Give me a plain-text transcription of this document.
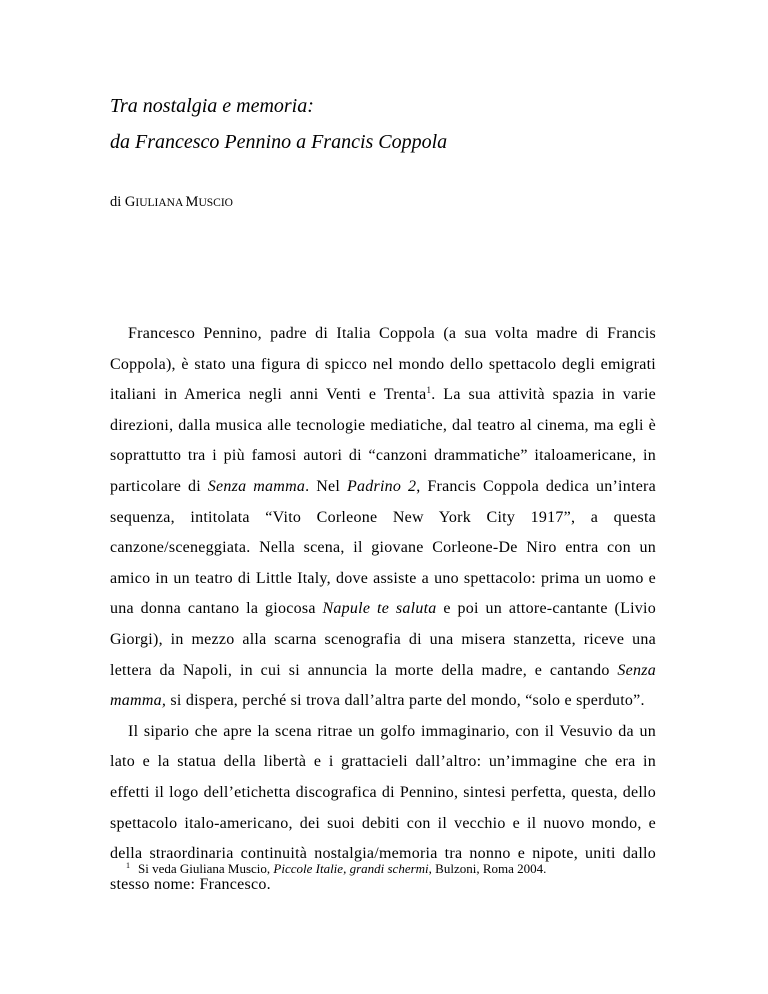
Tra nostalgia e memoria:
da Francesco Pennino a Francis Coppola

di GIULIANA MUSCIO

Francesco Pennino, padre di Italia Coppola (a sua volta madre di Francis Coppola), è stato una figura di spicco nel mondo dello spettacolo degli emigrati italiani in America negli anni Venti e Trenta$^1$. La sua attività spazia in varie direzioni, dalla musica alle tecnologie mediatiche, dal teatro al cinema, ma egli è soprattutto tra i più famosi autori di “canzoni drammatiche” italoamericane, in particolare di Senza mamma. Nel Padrino 2, Francis Coppola dedica un’intera sequenza, intitolata “Vito Corleone New York City 1917”, a questa canzone/sceneggiata. Nella scena, il giovane Corleone-De Niro entra con un amico in un teatro di Little Italy, dove assiste a uno spettacolo: prima un uomo e una donna cantano la giocosa Napule te saluta e poi un attore-cantante (Livio Giorgi), in mezzo alla scarna scenografia di una misera stanzetta, riceve una lettera da Napoli, in cui si annuncia la morte della madre, e cantando Senza mamma, si dispera, perché si trova dall’altra parte del mondo, “solo e sperduto”.

Il sipario che apre la scena ritrae un golfo immaginario, con il Vesuvio da un lato e la statua della libertà e i grattacieli dall’altro: un’immagine che era in effetti il logo dell’etichetta discografica di Pennino, sintesi perfetta, questa, dello spettacolo italo-americano, dei suoi debiti con il vecchio e il nuovo mondo, e della straordinaria continuità nostalgia/memoria tra nonno e nipote, uniti dallo stesso nome: Francesco.

$^1$ Si veda Giuliana Muscio, Piccole Italie, grandi schermi, Bulzoni, Roma 2004.
